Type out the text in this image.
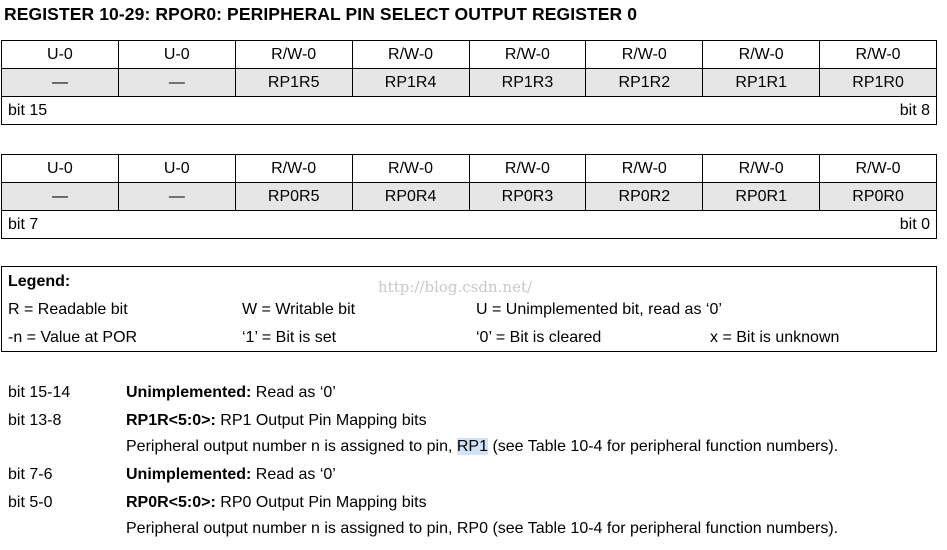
REGISTER 10-29: RPOR0: PERIPHERAL PIN SELECT OUTPUT REGISTER 0
U-0	U-0	R/W-0	R/W-0	R/W-0	R/W-0	R/W-0	R/W-0
—	—	RP1R5	RP1R4	RP1R3	RP1R2	RP1R1	RP1R0
bit 15 bit 8							
U-0	U-0	R/W-0	R/W-0	R/W-0	R/W-0	R/W-0	R/W-0
—	—	RP0R5	RP0R4	RP0R3	RP0R2	RP0R1	RP0R0
bit 7 bit 0							
Legend:
R = Readable bit	W = Writable bit	U = Unimplemented bit, read as ‘0’
-n = Value at POR	‘1’ = Bit is set	‘0’ = Bit is cleared	x = Bit is unknown
http://blog.csdn.net/
bit 15-14	Unimplemented: Read as ‘0’
bit 13-8	RP1R<5:0>: RP1 Output Pin Mapping bits
Peripheral output number n is assigned to pin, RP1 (see Table 10-4 for peripheral function numbers).
bit 7-6	Unimplemented: Read as ‘0’
bit 5-0	RP0R<5:0>: RP0 Output Pin Mapping bits
Peripheral output number n is assigned to pin, RP0 (see Table 10-4 for peripheral function numbers).
